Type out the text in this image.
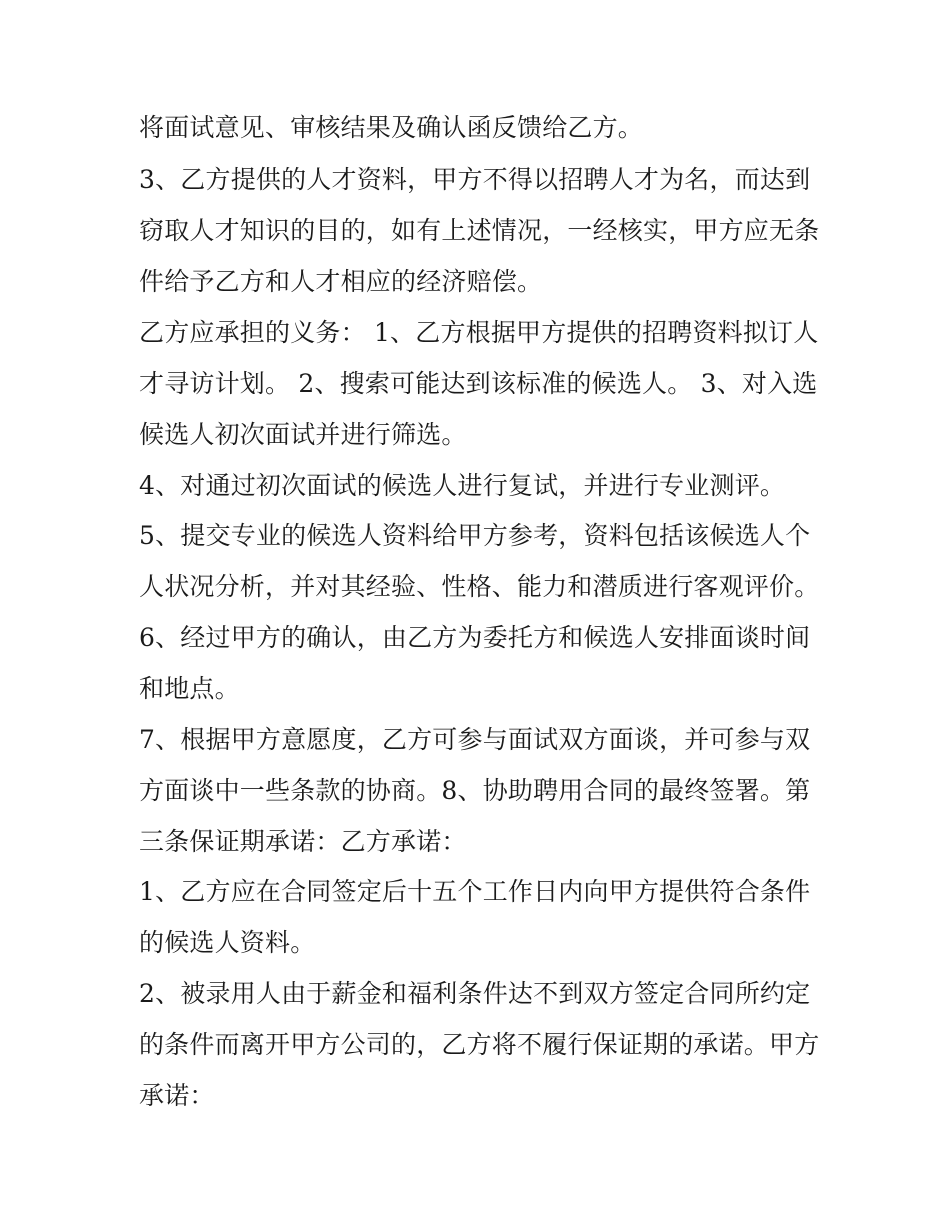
将面试意见、审核结果及确认函反馈给乙方。
3、乙方提供的人才资料，甲方不得以招聘人才为名，而达到
窃取人才知识的目的，如有上述情况，一经核实，甲方应无条
件给予乙方和人才相应的经济赔偿。
乙方应承担的义务： 1、乙方根据甲方提供的招聘资料拟订人
才寻访计划。 2、搜索可能达到该标准的候选人。 3、对入选
候选人初次面试并进行筛选。
4、对通过初次面试的候选人进行复试，并进行专业测评。
5、提交专业的候选人资料给甲方参考，资料包括该候选人个
人状况分析，并对其经验、性格、能力和潜质进行客观评价。
6、经过甲方的确认，由乙方为委托方和候选人安排面谈时间
和地点。
7、根据甲方意愿度，乙方可参与面试双方面谈，并可参与双
方面谈中一些条款的协商。8、协助聘用合同的最终签署。第
三条保证期承诺：乙方承诺：
1、乙方应在合同签定后十五个工作日内向甲方提供符合条件
的候选人资料。
2、被录用人由于薪金和福利条件达不到双方签定合同所约定
的条件而离开甲方公司的，乙方将不履行保证期的承诺。甲方
承诺：
